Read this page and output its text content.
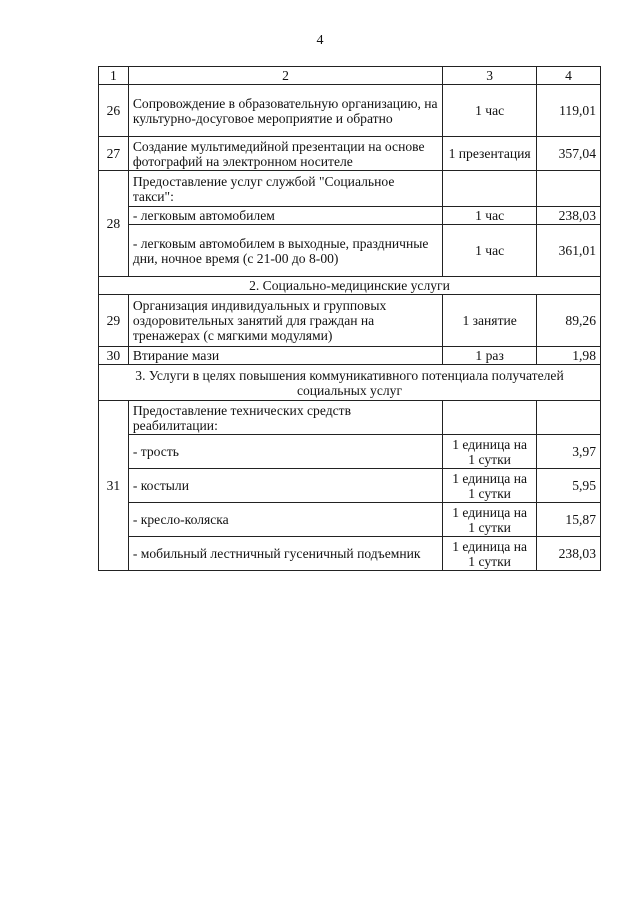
4
1	2	3	4
26	Сопровождение в образовательную организацию, на культурно-досуговое мероприятие и обратно	1 час	119,01
27	Создание мультимедийной презентации на основе фотографий на электронном носителе	1 презентация	357,04
28	Предоставление услуг службой "Социальное такси":		
	- легковым автомобилем	1 час	238,03
	- легковым автомобилем в выходные, праздничные дни, ночное время (с 21-00 до 8-00)	1 час	361,01
2. Социально-медицинские услуги			
29	Организация индивидуальных и групповых оздоровительных занятий для граждан на тренажерах (с мягкими модулями)	1 занятие	89,26
30	Втирание мази	1 раз	1,98
3. Услуги в целях повышения коммуникативного потенциала получателей социальных услуг			
31	Предоставление технических средств реабилитации:		
	- трость	1 единица на 1 сутки	3,97
	- костыли	1 единица на 1 сутки	5,95
	- кресло-коляска	1 единица на 1 сутки	15,87
	- мобильный лестничный гусеничный подъемник	1 единица на 1 сутки	238,03
